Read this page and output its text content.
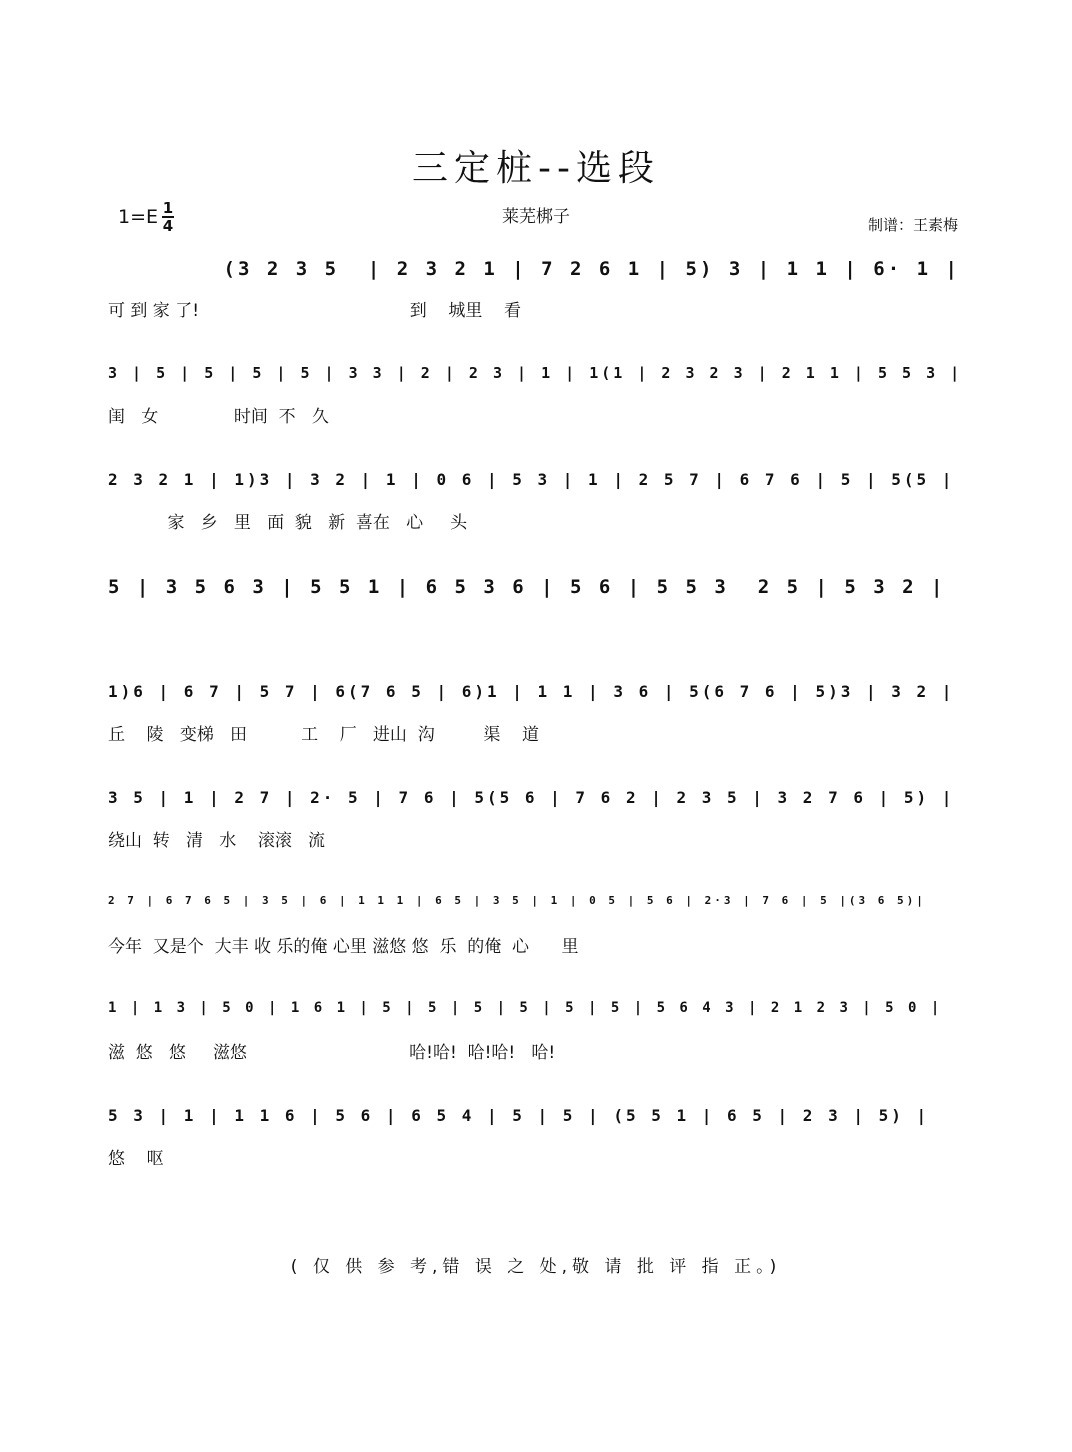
三定桩--选段
$1=E \frac{1}{4}$	莱芜梆子	制谱：王素梅
(3 2 3 5  | 2 3 2 1 | 7 2 6 1 | 5) 3 | 1 1 | 6· 1 |
可 到 家 了!                                       到    城里    看
3 | 5 | 5 | 5 | 5 | 3 3 | 2 | 2 3 | 1 | 1(1 | 2 3 2 3 | 2 1 1 | 5 5 3 |
闺   女              时间  不   久
2 3 2 1 | 1)3 | 3 2 | 1 | 0 6 | 5 3 | 1 | 2 5 7 | 6 7 6 | 5 | 5(5 |
家   乡   里   面  貌   新  喜在   心     头
5 | 3 5 6 3 | 5 5 1 | 6 5 3 6 | 5 6 | 5 5 3  2 5 | 5 3 2 |
1)6 | 6 7 | 5 7 | 6(7 6 5 | 6)1 | 1 1 | 3 6 | 5(6 7 6 | 5)3 | 3 2 |
丘    陵   变梯   田          工    厂   进山  沟         渠    道
3 5 | 1 | 2 7 | 2· 5 | 7 6 | 5(5 6 | 7 6 2 | 2 3 5 | 3 2 7 6 | 5) |
绕山  转   清   水    滚滚   流
2 7 | 6 7 6 5 | 3 5 | 6 | 1 1 1 | 6 5 | 3 5 | 1 | 0 5 | 5 6 | 2·3 | 7 6 | 5 |(3 6 5)|
今年  又是个  大丰 收 乐的俺 心里 滋悠 悠  乐  的俺  心      里
1 | 1 3 | 5 0 | 1 6 1 | 5 | 5 | 5 | 5 | 5 | 5 | 5 6 4 3 | 2 1 2 3 | 5 0 |
滋  悠   悠     滋悠                              哈!哈!  哈!哈!   哈!
5 3 | 1 | 1 1 6 | 5 6 | 6 5 4 | 5 | 5 | (5 5 1 | 6 5 | 2 3 | 5) |
悠    呕
( 仅 供 参 考,错 误 之 处,敬 请 批 评 指 正。)
